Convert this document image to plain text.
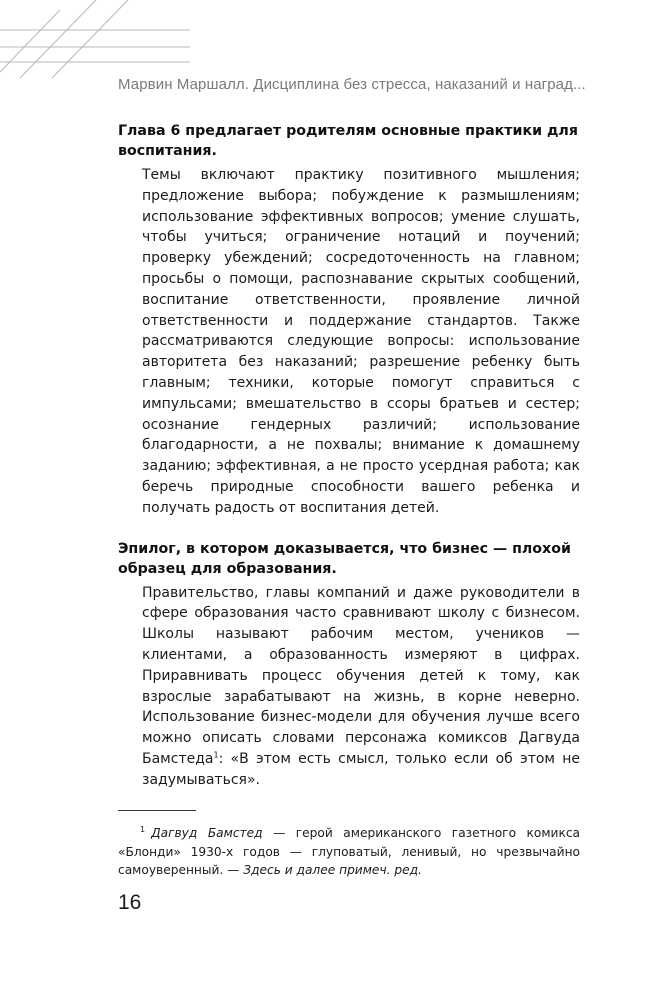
Марвин Маршалл. Дисциплина без стресса, наказаний и наград...

Глава 6 предлагает родителям основные практики для воспитания.

Темы включают практику позитивного мышления; предложение выбора; побуждение к размышлениям; использование эффективных вопросов; умение слушать, чтобы учиться; ограничение нотаций и поучений; проверку убеждений; сосредоточенность на главном; просьбы о помощи, распознавание скрытых сообщений, воспитание ответственности, проявление личной ответственности и поддержание стандартов. Также рассматриваются следующие вопросы: использование авторитета без наказаний; разрешение ребенку быть главным; техники, которые помогут справиться с импульсами; вмешательство в ссоры братьев и сестер; осознание гендерных различий; использование благодарности, а не похвалы; внимание к домашнему заданию; эффективная, а не просто усердная работа; как беречь природные способности вашего ребенка и получать радость от воспитания детей.

Эпилог, в котором доказывается, что бизнес — плохой образец для образования.

Правительство, главы компаний и даже руководители в сфере образования часто сравнивают школу с бизнесом. Школы называют рабочим местом, учеников — клиентами, а образованность измеряют в цифрах. Приравнивать процесс обучения детей к тому, как взрослые зарабатывают на жизнь, в корне неверно. Использование бизнес-модели для обучения лучше всего можно описать словами персонажа комиксов Дагвуда Бамстеда$^1$: «В этом есть смысл, только если об этом не задумываться».

1 Дагвуд Бамстед — герой американского газетного комикса «Блонди» 1930-х годов — глуповатый, ленивый, но чрезвычайно самоуверенный. — Здесь и далее примеч. ред.
16
